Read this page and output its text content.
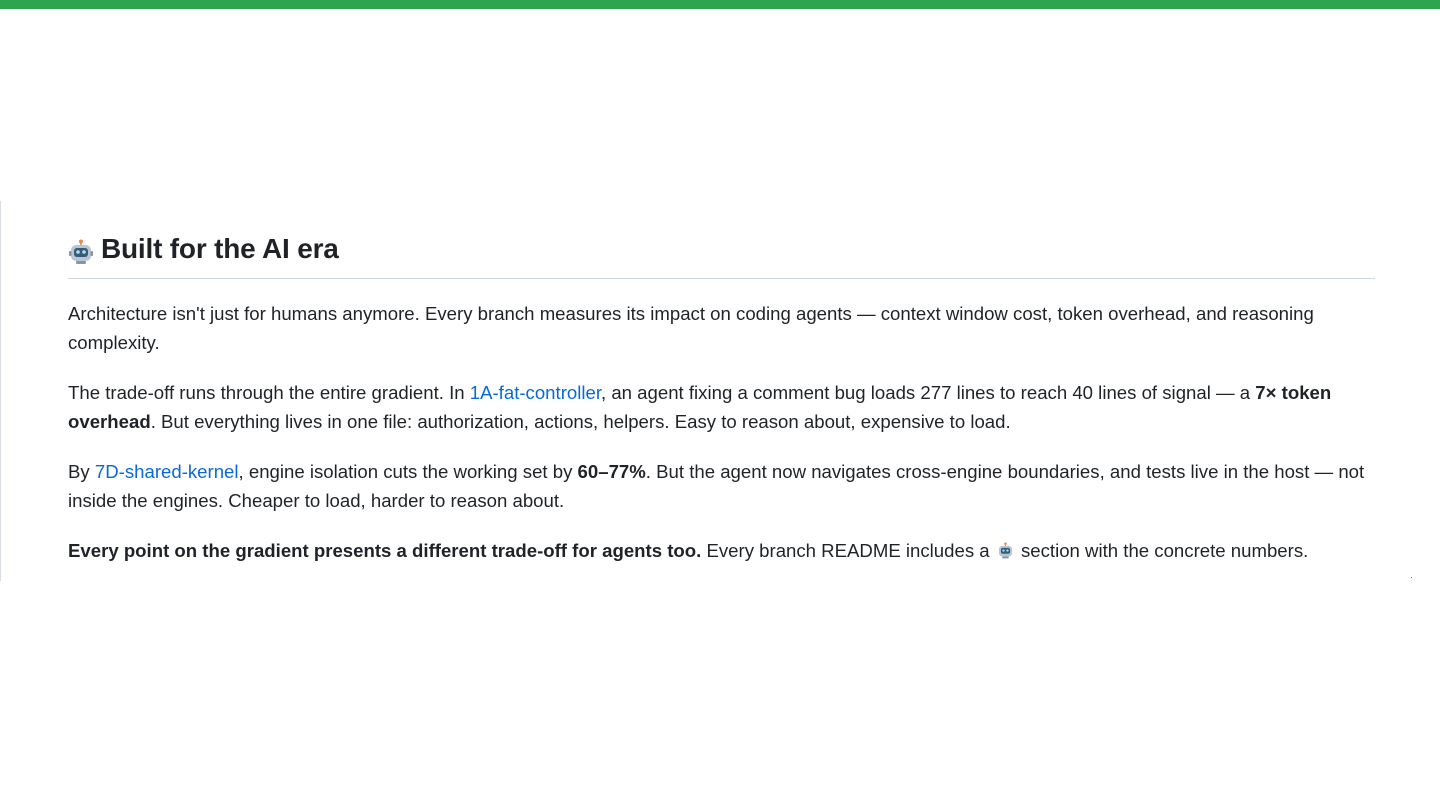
Built for the AI era

Architecture isn't just for humans anymore. Every branch measures its impact on coding agents — context window cost, token overhead, and reasoning complexity.

The trade-off runs through the entire gradient. In 1A-fat-controller, an agent fixing a comment bug loads 277 lines to reach 40 lines of signal — a 7× token overhead. But everything lives in one file: authorization, actions, helpers. Easy to reason about, expensive to load.

By 7D-shared-kernel, engine isolation cuts the working set by 60–77%. But the agent now navigates cross-engine boundaries, and tests live in the host — not inside the engines. Cheaper to load, harder to reason about.

Every point on the gradient presents a different trade-off for agents too. Every branch README includes a  section with the concrete numbers.
